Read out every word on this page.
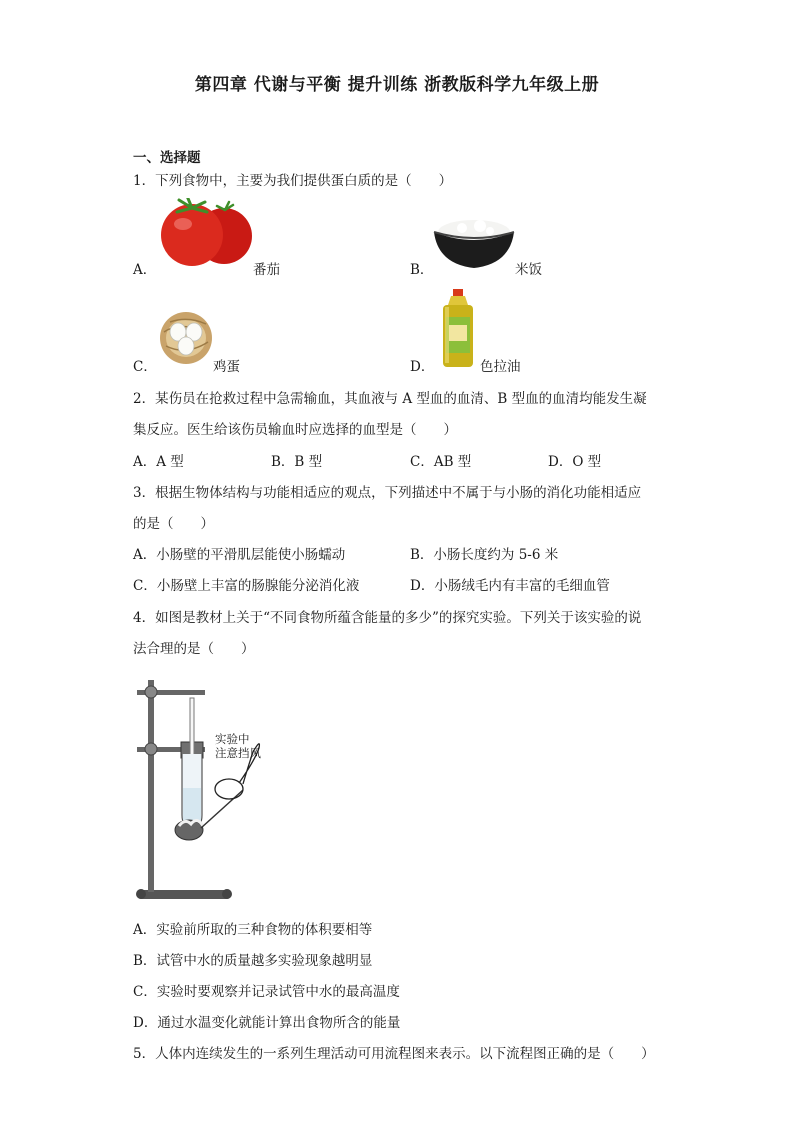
第四章 代谢与平衡 提升训练 浙教版科学九年级上册
一、选择题
1．下列食物中，主要为我们提供蛋白质的是（　　）
A．	番茄	B．	米饭
C．	鸡蛋	D．	色拉油
2．某伤员在抢救过程中急需输血，其血液与 A 型血的血清、B 型血的血清均能发生凝
集反应。医生给该伤员输血时应选择的血型是（　　）
A．A 型	B．B 型	C．AB 型	D．O 型
3．根据生物体结构与功能相适应的观点，下列描述中不属于与小肠的消化功能相适应
的是（　　）
A．小肠壁的平滑肌层能使小肠蠕动	B．小肠长度约为 5-6 米
C．小肠壁上丰富的肠腺能分泌消化液	D．小肠绒毛内有丰富的毛细血管
4．如图是教材上关于“不同食物所蕴含能量的多少”的探究实验。下列关于该实验的说
法合理的是（　　）
实验中
注意挡风
A．实验前所取的三种食物的体积要相等
B．试管中水的质量越多实验现象越明显
C．实验时要观察并记录试管中水的最高温度
D．通过水温变化就能计算出食物所含的能量
5．人体内连续发生的一系列生理活动可用流程图来表示。以下流程图正确的是（　　）
